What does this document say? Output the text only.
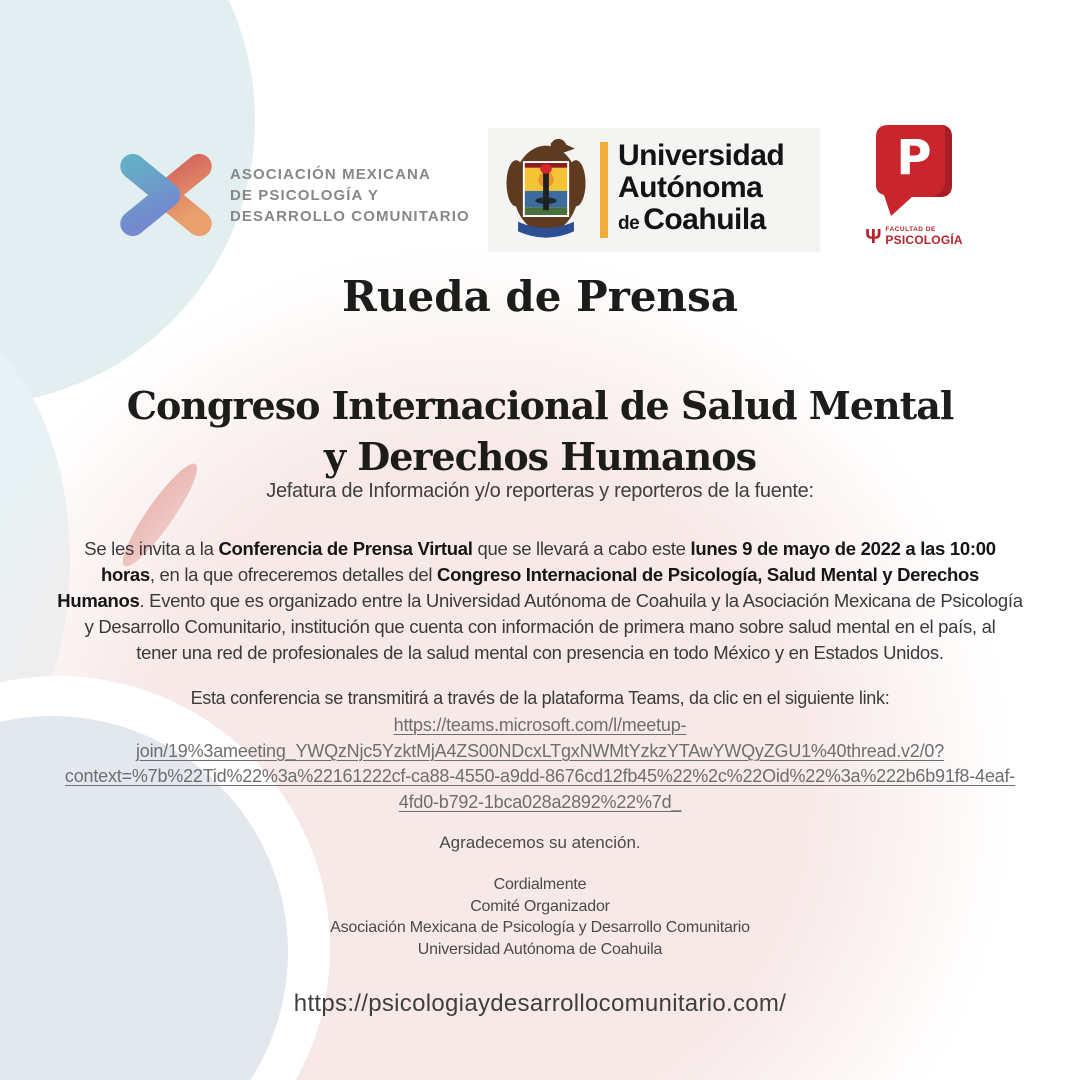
ASOCIACIÓN MEXICANA
DE PSICOLOGÍA Y
DESARROLLO COMUNITARIO
Universidad
Autónoma
de Coahuila
P
Ψ FACULTAD DE
PSICOLOGÍA
Rueda de Prensa
Congreso Internacional de Salud Mental
y Derechos Humanos
Jefatura de Información y/o reporteras y reporteros de la fuente:
Se les invita a la Conferencia de Prensa Virtual que se llevará a cabo este lunes 9 de mayo de 2022 a las 10:00
horas, en la que ofreceremos detalles del Congreso Internacional de Psicología, Salud Mental y Derechos
Humanos. Evento que es organizado entre la Universidad Autónoma de Coahuila y la Asociación Mexicana de Psicología
y Desarrollo Comunitario, institución que cuenta con información de primera mano sobre salud mental en el país, al
tener una red de profesionales de la salud mental con presencia en todo México y en Estados Unidos.
Esta conferencia se transmitirá a través de la plataforma Teams, da clic en el siguiente link:
https://teams.microsoft.com/l/meetup-
join/19%3ameeting_YWQzNjc5YzktMjA4ZS00NDcxLTgxNWMtYzkzYTAwYWQyZGU1%40thread.v2/0?
context=%7b%22Tid%22%3a%22161222cf-ca88-4550-a9dd-8676cd12fb45%22%2c%22Oid%22%3a%222b6b91f8-4eaf-
4fd0-b792-1bca028a2892%22%7d_
Agradecemos su atención.
Cordialmente
Comité Organizador
Asociación Mexicana de Psicología y Desarrollo Comunitario
Universidad Autónoma de Coahuila
https://psicologiaydesarrollocomunitario.com/
